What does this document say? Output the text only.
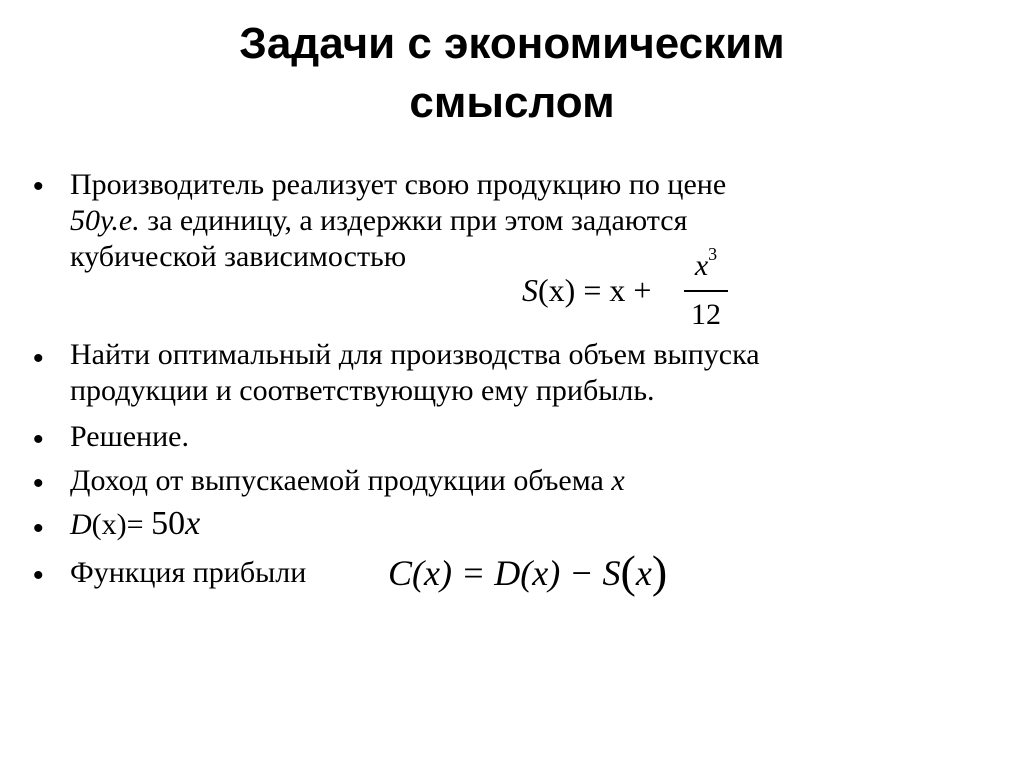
Задачи с экономическим
смыслом
• Производитель реализует свою продукцию по цене
50у.е. за единицу, а издержки при этом задаются
кубической зависимостью
S(x) = x +
$x^3$
12
• Найти оптимальный для производства объем выпуска
продукции и соответствующую ему прибыль.
• Решение.
• Доход от выпускаемой продукции объема x
• D(x)= 50x
• Функция прибыли C(x) = D(x) − S(x)
